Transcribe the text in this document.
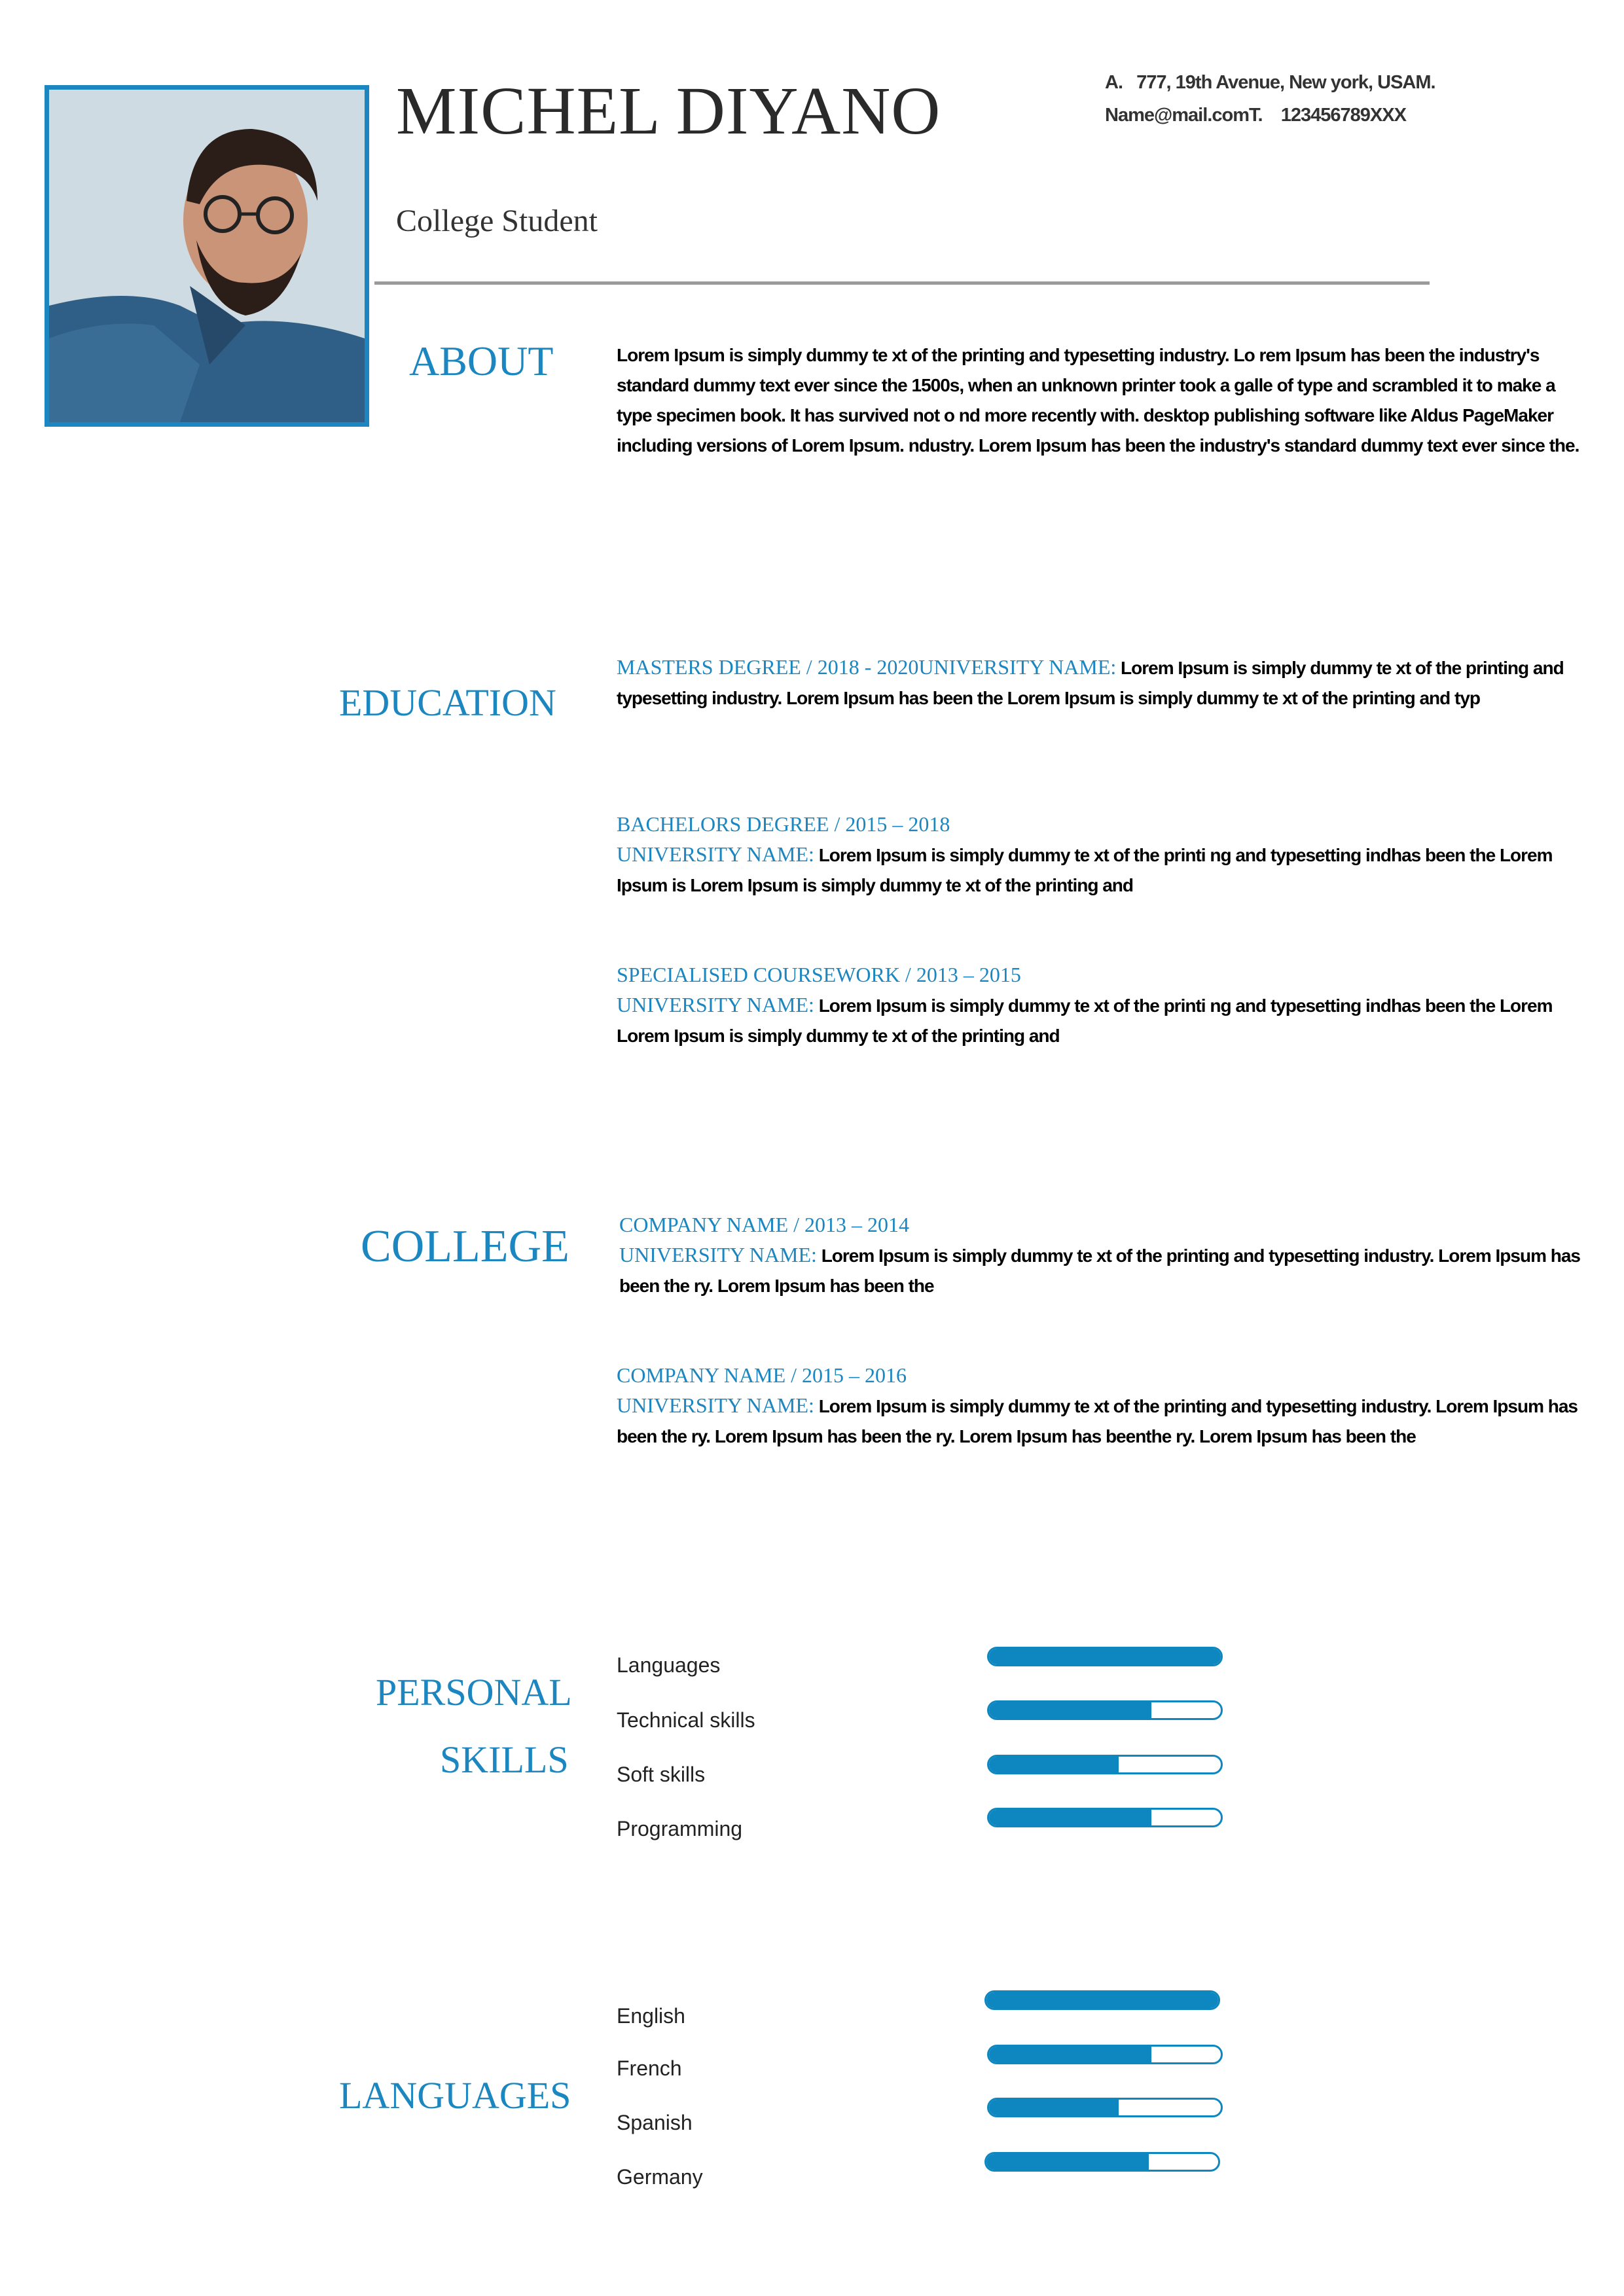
MICHEL DIYANO
College Student
A. 777, 19th Avenue, New york, USAM.
Name@mail.comT. 123456789XXX
ABOUT	Lorem Ipsum is simply dummy te xt of the printing and typesetting industry. Lo rem Ipsum has been the industry's
standard dummy text ever since the 1500s, when an unknown printer took a galle of type and scrambled it to make a
type specimen book. It has survived not o nd more recently with. desktop publishing software like Aldus PageMaker
including versions of Lorem Ipsum. ndustry. Lorem Ipsum has been the industry's standard dummy text ever since the.
EDUCATION
MASTERS DEGREE / 2018 - 2020UNIVERSITY NAME: Lorem Ipsum is simply dummy te xt of the printing and
typesetting industry. Lorem Ipsum has been the Lorem Ipsum is simply dummy te xt of the printing and typ
BACHELORS DEGREE / 2015 – 2018
UNIVERSITY NAME: Lorem Ipsum is simply dummy te xt of the printi ng and typesetting indhas been the Lorem
Ipsum is Lorem Ipsum is simply dummy te xt of the printing and
SPECIALISED COURSEWORK / 2013 – 2015
UNIVERSITY NAME: Lorem Ipsum is simply dummy te xt of the printi ng and typesetting indhas been the Lorem
Lorem Ipsum is simply dummy te xt of the printing and
COLLEGE COMPANY NAME / 2013 – 2014
UNIVERSITY NAME: Lorem Ipsum is simply dummy te xt of the printing and typesetting industry. Lorem Ipsum has
been the ry. Lorem Ipsum has been the
COMPANY NAME / 2015 – 2016
UNIVERSITY NAME: Lorem Ipsum is simply dummy te xt of the printing and typesetting industry. Lorem Ipsum has
been the ry. Lorem Ipsum has been the ry. Lorem Ipsum has beenthe ry. Lorem Ipsum has been the
PERSONAL
SKILLS
Languages
Technical skills
Soft skills
Programming
LANGUAGES
English
French
Spanish
Germany
